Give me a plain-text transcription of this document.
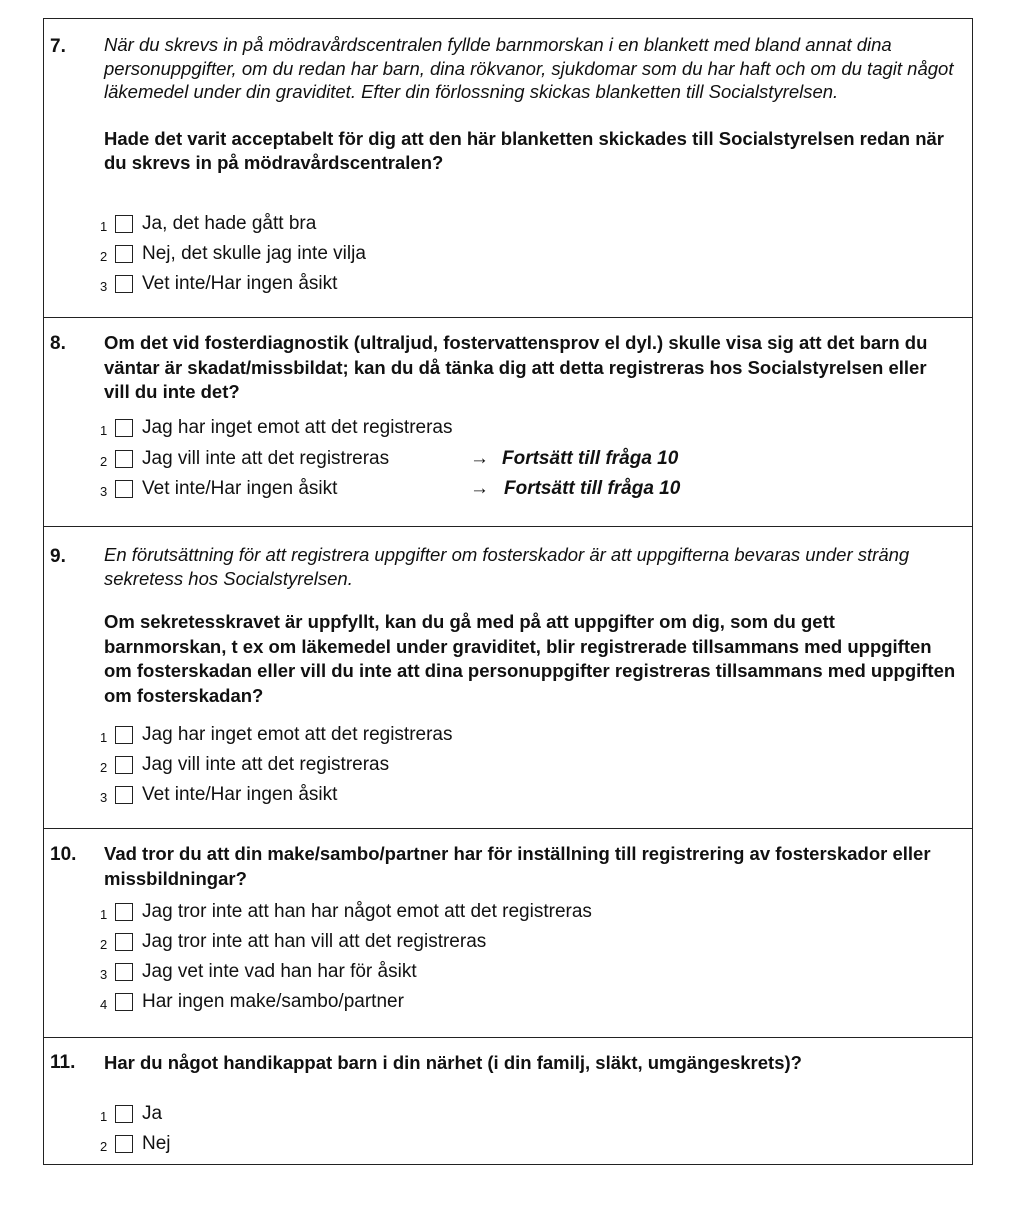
7. När du skrevs in på mödravårdscentralen fyllde barnmorskan i en blankett med bland annat dina personuppgifter, om du redan har barn, dina rökvanor, sjukdomar som du har haft och om du tagit något läkemedel under din graviditet. Efter din förlossning skickas blanketten till Socialstyrelsen.

Hade det varit acceptabelt för dig att den här blanketten skickades till Socialstyrelsen redan när du skrevs in på mödravårdscentralen?

1	Ja, det hade gått bra
2	Nej, det skulle jag inte vilja
3	Vet inte/Har ingen åsikt
8. Om det vid fosterdiagnostik (ultraljud, fostervattensprov el dyl.) skulle visa sig att det barn du väntar är skadat/missbildat; kan du då tänka dig att detta registreras hos Socialstyrelsen eller vill du inte det?

1	Jag har inget emot att det registreras
2	Jag vill inte att det registreras	→ Fortsätt till fråga 10
3	Vet inte/Har ingen åsikt	→ Fortsätt till fråga 10
9. En förutsättning för att registrera uppgifter om fosterskador är att uppgifterna bevaras under sträng sekretess hos Socialstyrelsen.

Om sekretesskravet är uppfyllt, kan du gå med på att uppgifter om dig, som du gett barnmorskan, t ex om läkemedel under graviditet, blir registrerade tillsammans med uppgiften om fosterskadan eller vill du inte att dina personuppgifter registreras tillsammans med uppgiften om fosterskadan?

1	Jag har inget emot att det registreras
2	Jag vill inte att det registreras
3	Vet inte/Har ingen åsikt
10. Vad tror du att din make/sambo/partner har för inställning till registrering av fosterskador eller missbildningar?

1	Jag tror inte att han har något emot att det registreras
2	Jag tror inte att han vill att det registreras
3	Jag vet inte vad han har för åsikt
4	Har ingen make/sambo/partner
11. Har du något handikappat barn i din närhet (i din familj, släkt, umgängeskrets)?

1	Ja
2	Nej
